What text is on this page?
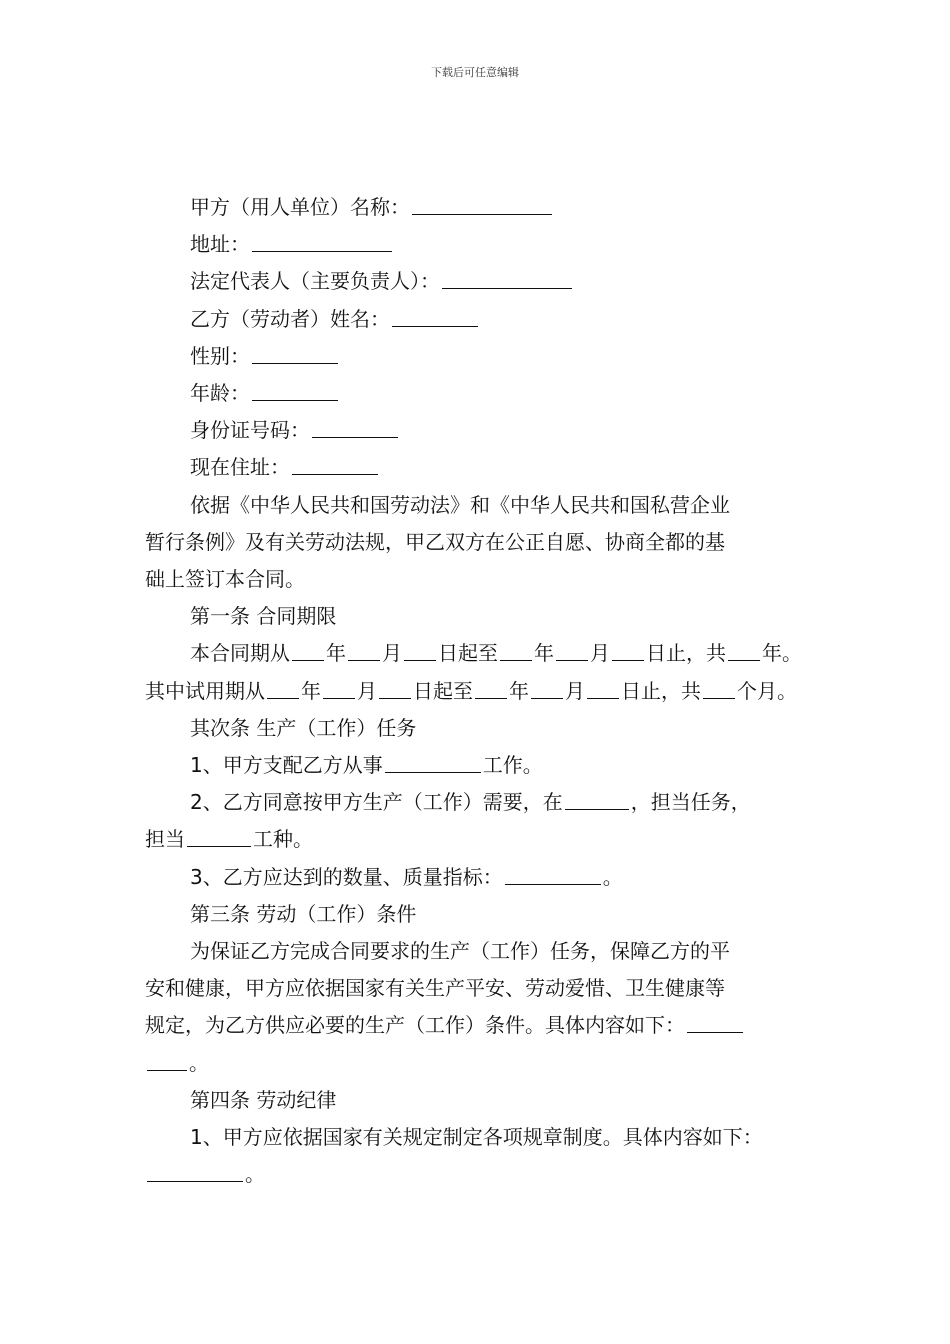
下载后可任意编辑
甲方（用人单位）名称：
地址：
法定代表人（主要负责人）：
乙方（劳动者）姓名：
性别：
年龄：
身份证号码：
现在住址：
依据《中华人民共和国劳动法》和《中华人民共和国私营企业
暂行条例》及有关劳动法规，甲乙双方在公正自愿、协商全都的基
础上签订本合同。
第一条 合同期限
本合同期从 年 月 日起至 年 月 日止，共 年。
其中试用期从 年 月 日起至 年 月 日止，共 个月。
其次条 生产（工作）任务
1、甲方支配乙方从事	工作。
2、乙方同意按甲方生产（工作）需要，在	，担当任务，
担当	工种。
3、乙方应达到的数量、质量指标：	。
第三条 劳动（工作）条件
为保证乙方完成合同要求的生产（工作）任务，保障乙方的平
安和健康，甲方应依据国家有关生产平安、劳动爱惜、卫生健康等
规定，为乙方供应必要的生产（工作）条件。具体内容如下：
。
第四条 劳动纪律
1、甲方应依据国家有关规定制定各项规章制度。具体内容如下：
。
